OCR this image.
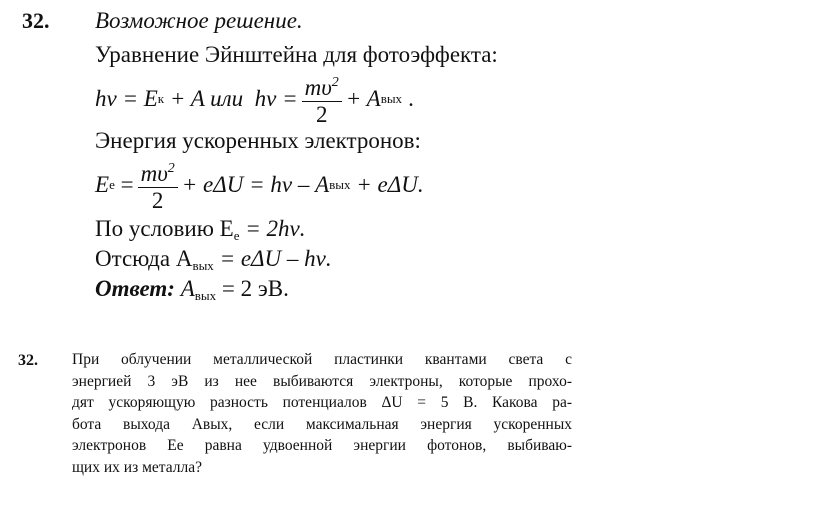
32. Возможное решение.
Уравнение Эйнштейна для фотоэффекта:
hν = E к + A или  $h\nu = \frac{m\upsilon^2}{2} + A$ вых .
Энергия ускоренных электронов:
E $e = \frac{m\upsilon^2}{2} + e\Delta U = h\nu - A$ вых + eΔU.
По условию $E_e = 2h\nu$.
Отсюда $A_{вых} = e\Delta U - h\nu$.
Ответ: $A_{вых} = 2$ эВ.
32. При облучении металлической пластинки квантами света с
энергией 3 эВ из нее выбиваются электроны, которые прохо-
дят ускоряющую разность потенциалов ΔU = 5 В. Какова ра-
бота выхода Aвых, если максимальная энергия ускоренных
электронов Ee равна удвоенной энергии фотонов, выбиваю-
щих их из металла?
